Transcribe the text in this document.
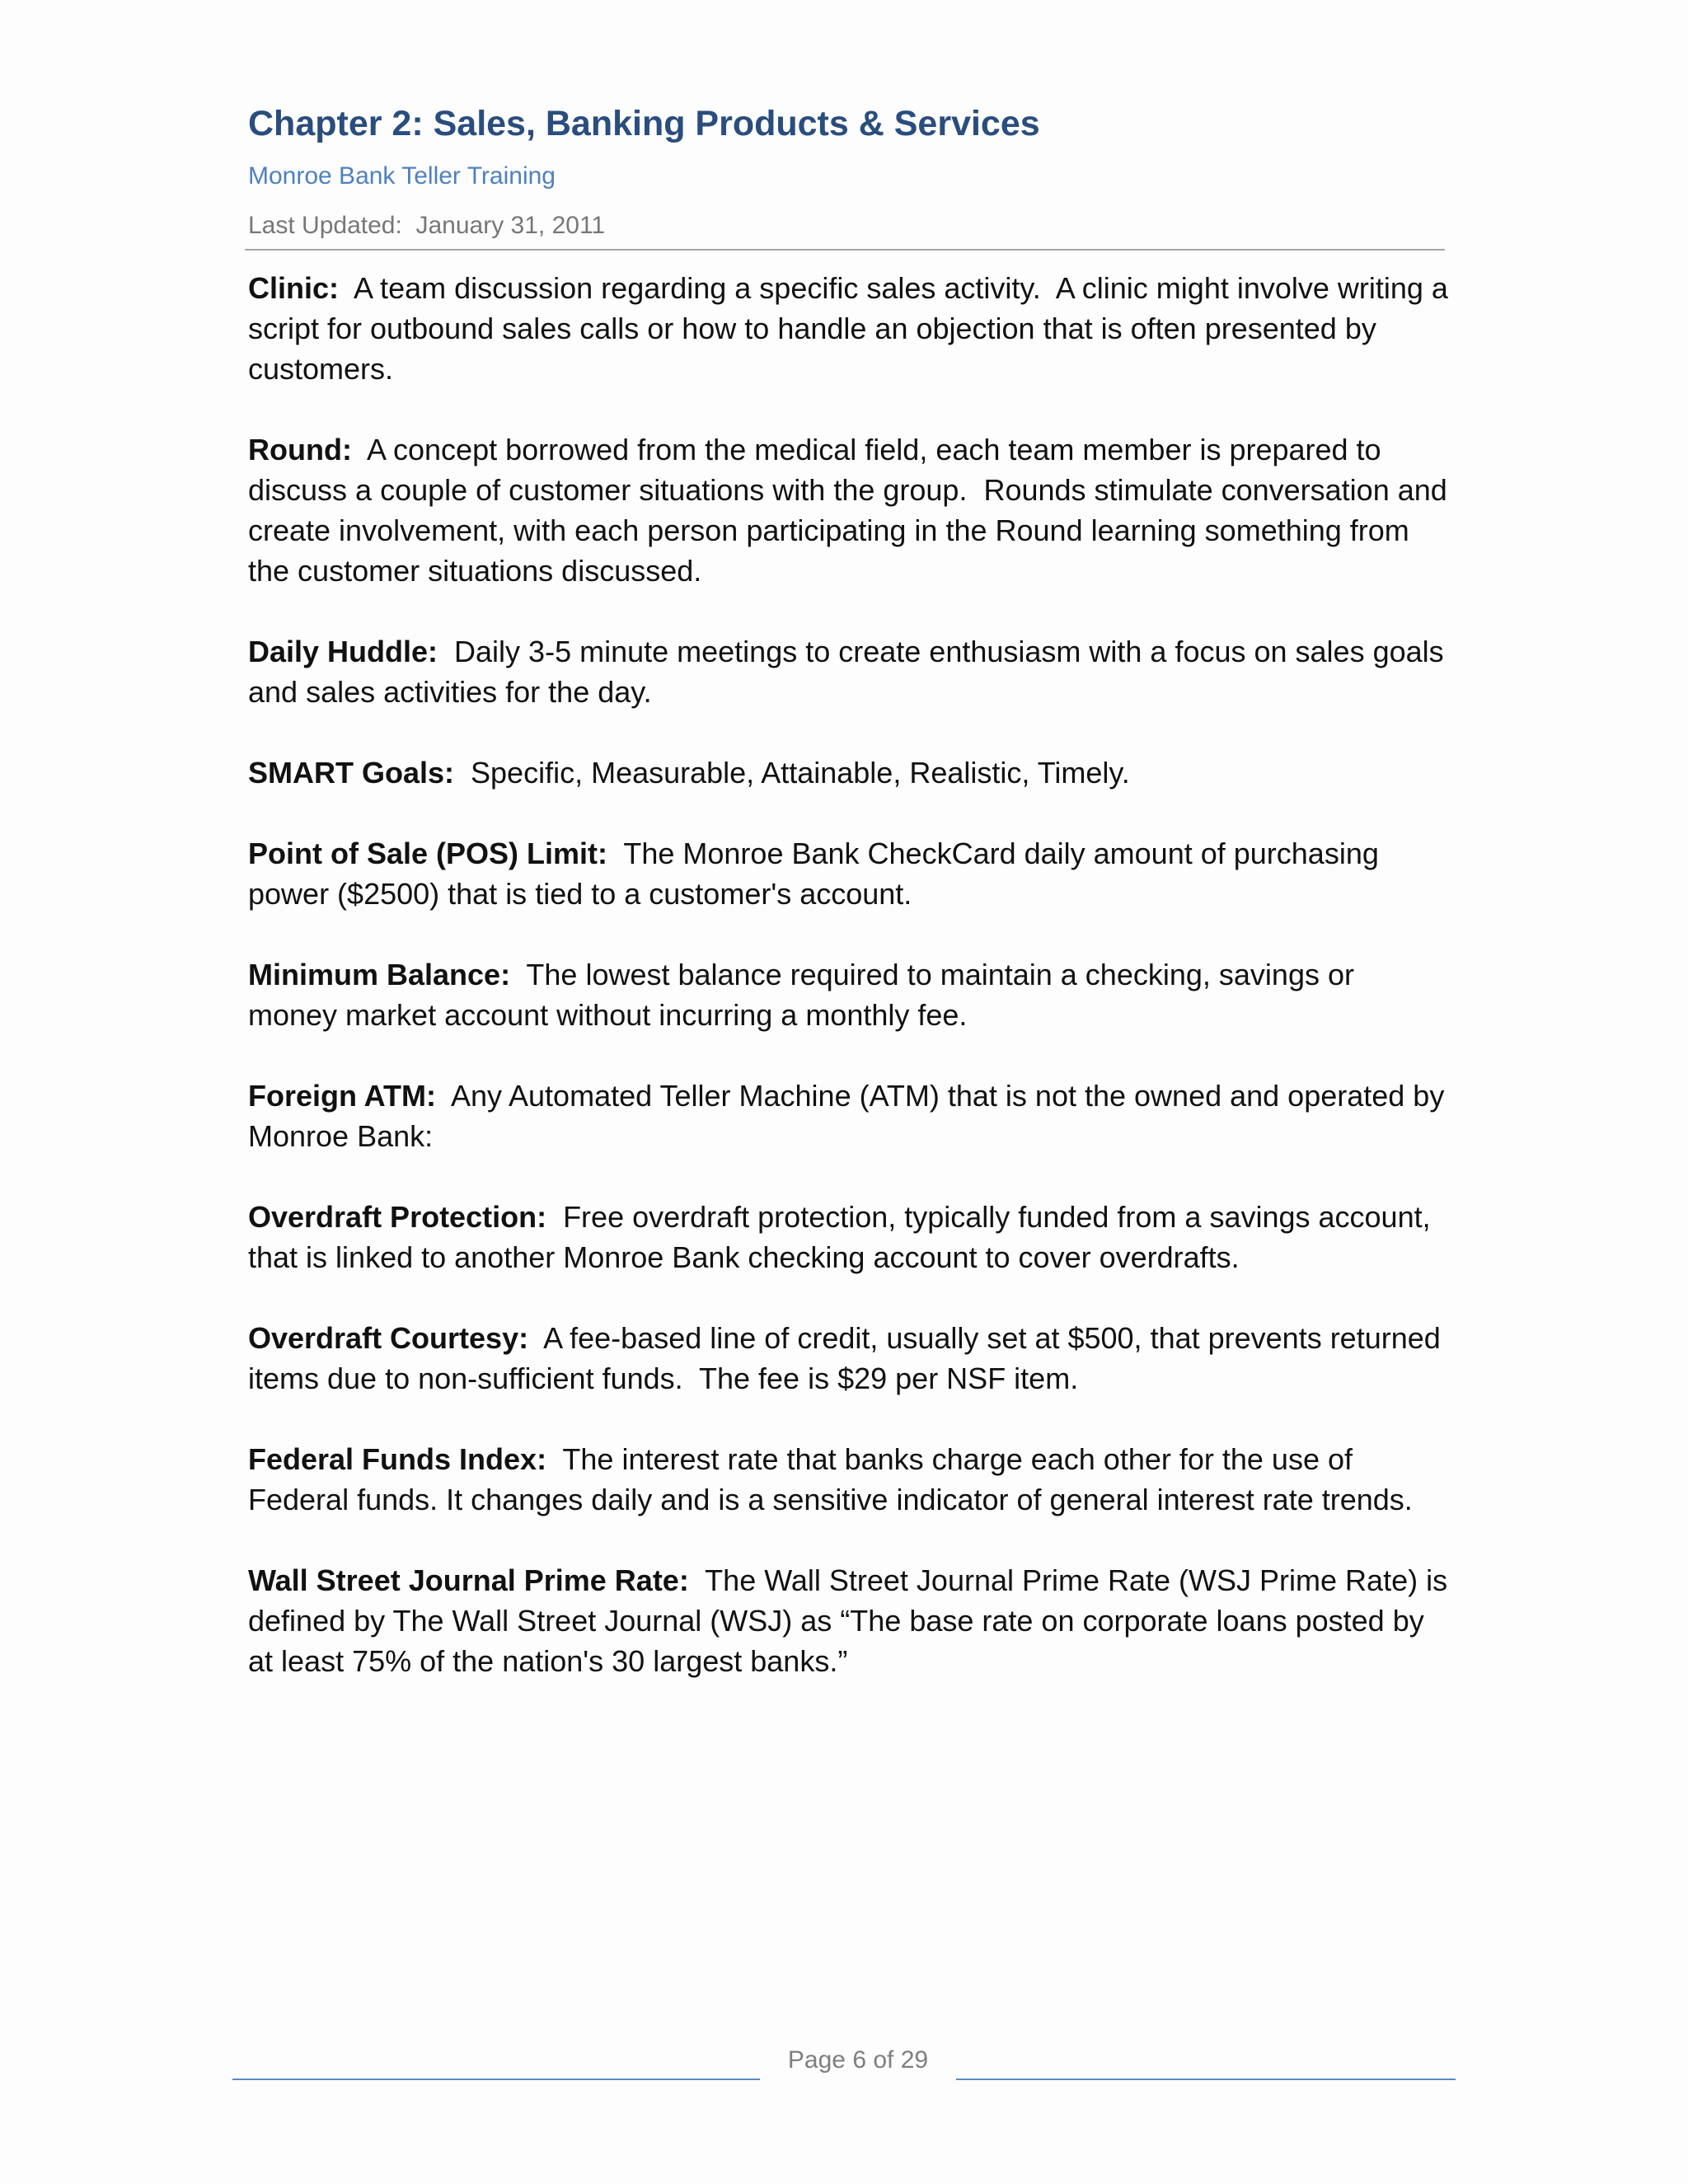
Chapter 2: Sales, Banking Products & Services
Monroe Bank Teller Training
Last Updated:  January 31, 2011

Clinic:  A team discussion regarding a specific sales activity.  A clinic might involve writing a script for outbound sales calls or how to handle an objection that is often presented by customers.

Round:  A concept borrowed from the medical field, each team member is prepared to discuss a couple of customer situations with the group.  Rounds stimulate conversation and create involvement, with each person participating in the Round learning something from the customer situations discussed.

Daily Huddle:  Daily 3-5 minute meetings to create enthusiasm with a focus on sales goals and sales activities for the day.

SMART Goals:  Specific, Measurable, Attainable, Realistic, Timely.

Point of Sale (POS) Limit:  The Monroe Bank CheckCard daily amount of purchasing power ($2500) that is tied to a customer's account.

Minimum Balance:  The lowest balance required to maintain a checking, savings or money market account without incurring a monthly fee.

Foreign ATM:  Any Automated Teller Machine (ATM) that is not the owned and operated by Monroe Bank:

Overdraft Protection:  Free overdraft protection, typically funded from a savings account, that is linked to another Monroe Bank checking account to cover overdrafts.

Overdraft Courtesy:  A fee-based line of credit, usually set at $500, that prevents returned items due to non-sufficient funds.  The fee is $29 per NSF item.

Federal Funds Index:  The interest rate that banks charge each other for the use of Federal funds. It changes daily and is a sensitive indicator of general interest rate trends.

Wall Street Journal Prime Rate:  The Wall Street Journal Prime Rate (WSJ Prime Rate) is defined by The Wall Street Journal (WSJ) as “The base rate on corporate loans posted by at least 75% of the nation's 30 largest banks.”

Page 6 of 29
